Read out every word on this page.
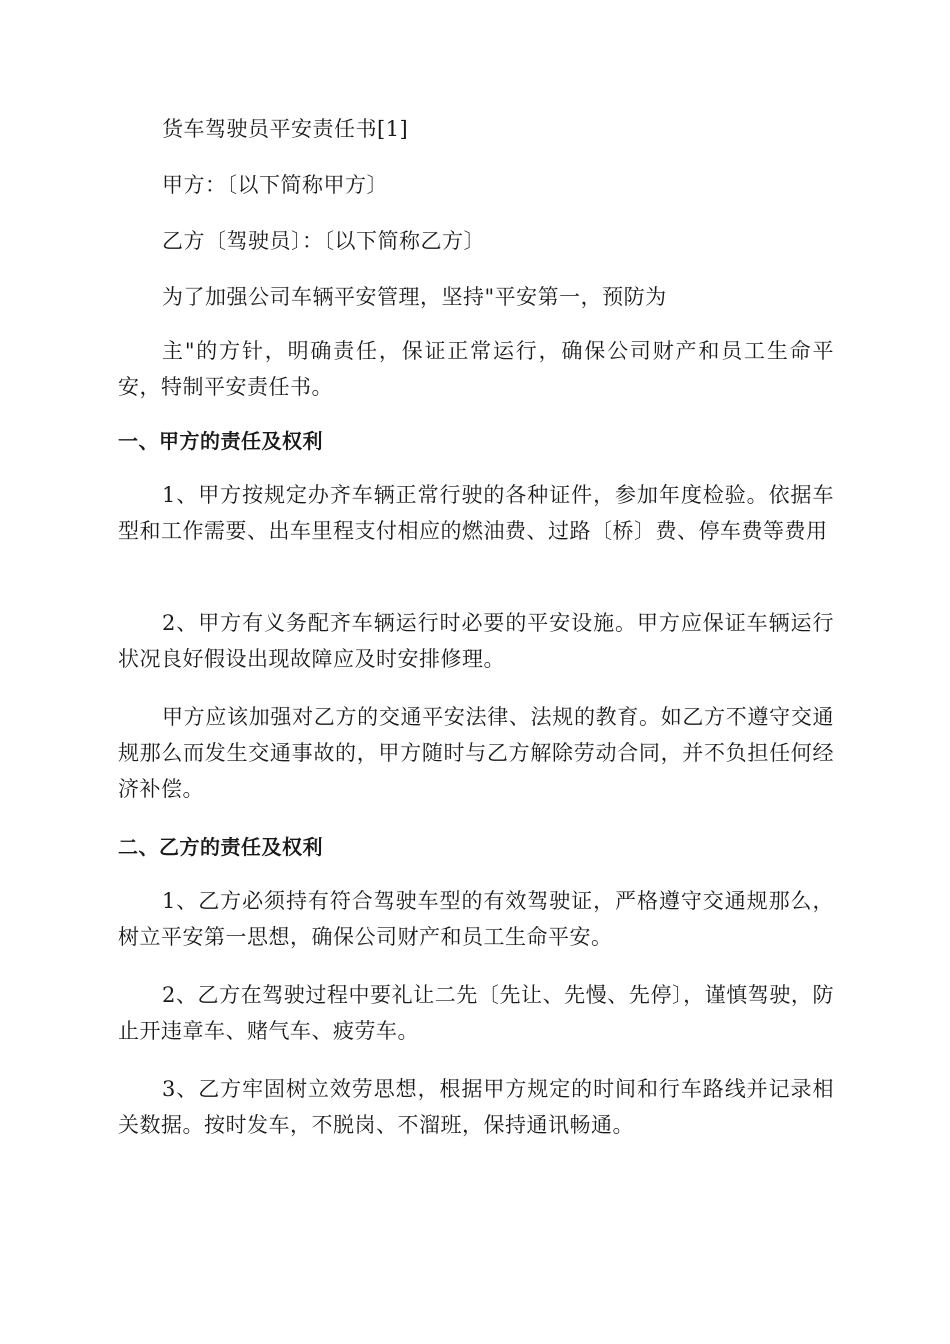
货车驾驶员平安责任书[1]

甲方：〔以下简称甲方〕

乙方〔驾驶员〕：〔以下简称乙方〕

为了加强公司车辆平安管理，坚持"平安第一，预防为

主"的方针，明确责任，保证正常运行，确保公司财产和员工生命平安，特制平安责任书。

一、甲方的责任及权利

1、甲方按规定办齐车辆正常行驶的各种证件，参加年度检验。依据车型和工作需要、出车里程支付相应的燃油费、过路〔桥〕费、停车费等费用

2、甲方有义务配齐车辆运行时必要的平安设施。甲方应保证车辆运行状况良好假设出现故障应及时安排修理。

甲方应该加强对乙方的交通平安法律、法规的教育。如乙方不遵守交通规那么而发生交通事故的，甲方随时与乙方解除劳动合同，并不负担任何经济补偿。

二、乙方的责任及权利

1、乙方必须持有符合驾驶车型的有效驾驶证，严格遵守交通规那么，树立平安第一思想，确保公司财产和员工生命平安。

2、乙方在驾驶过程中要礼让二先〔先让、先慢、先停〕，谨慎驾驶，防止开违章车、赌气车、疲劳车。

3、乙方牢固树立效劳思想，根据甲方规定的时间和行车路线并记录相关数据。按时发车，不脱岗、不溜班，保持通讯畅通。
